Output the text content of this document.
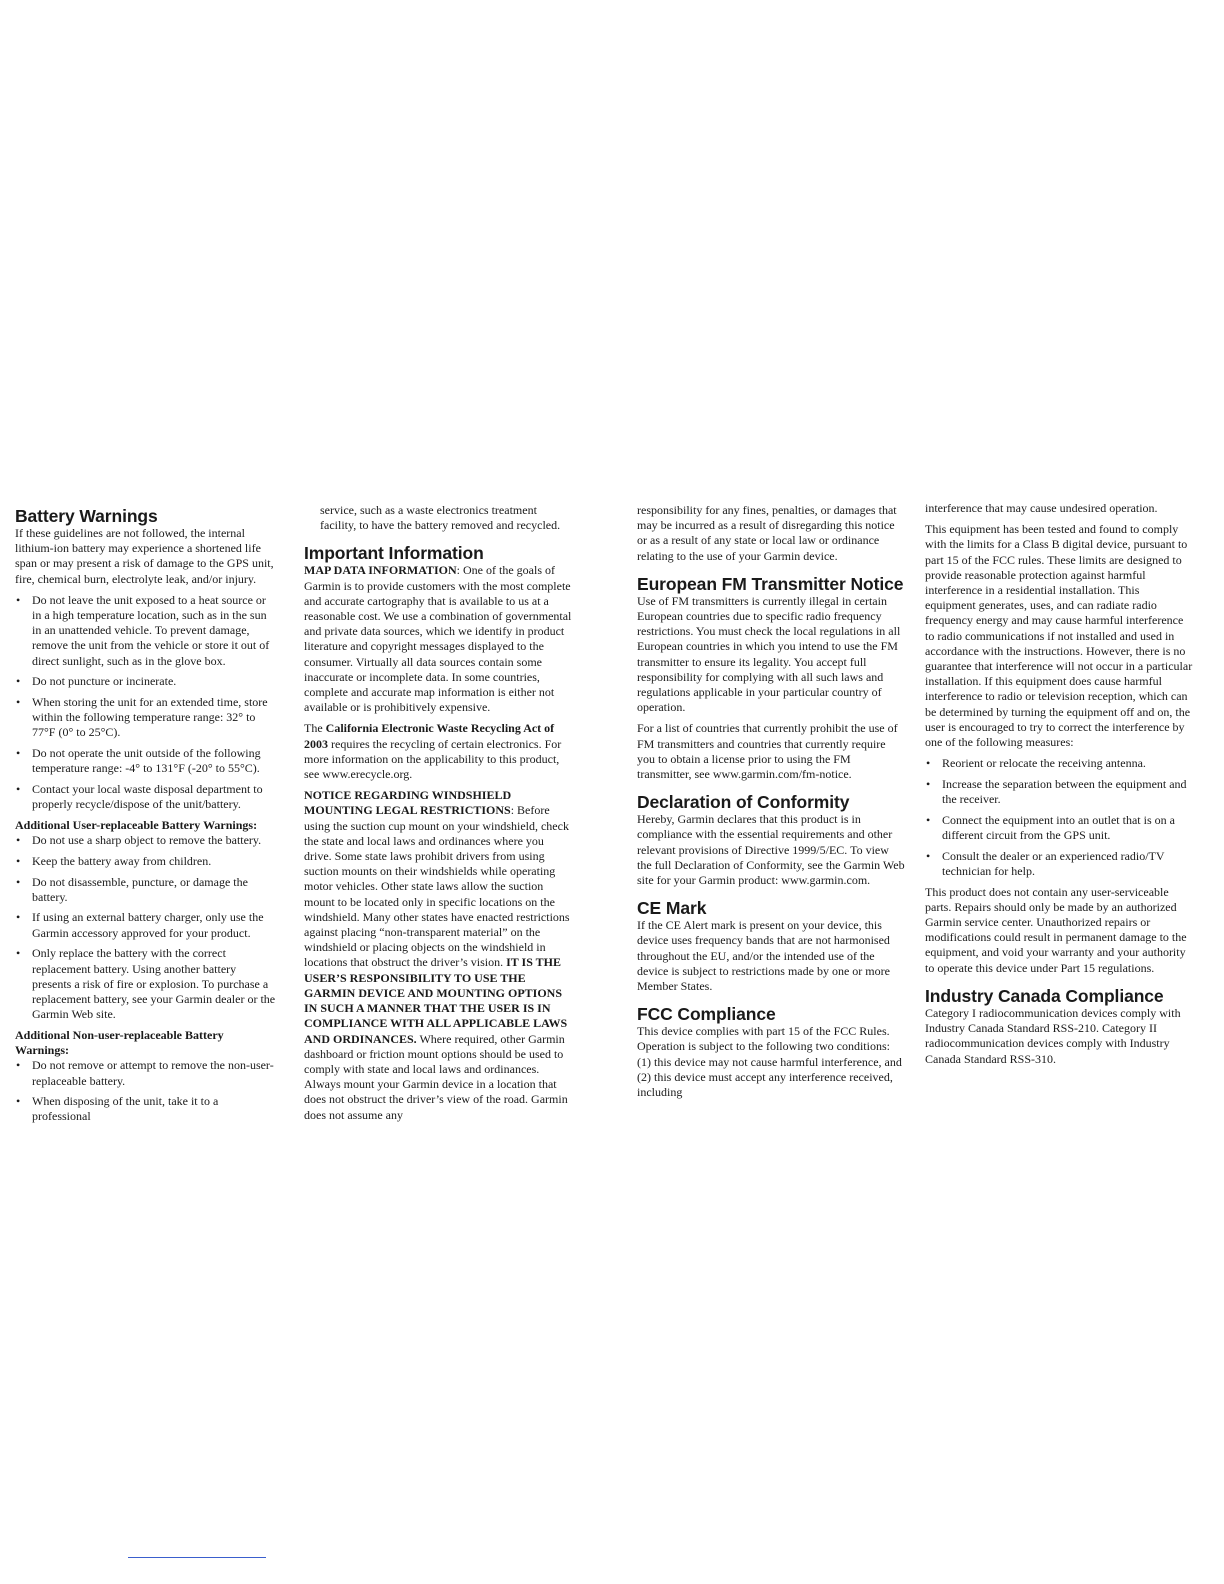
Battery Warnings

If these guidelines are not followed, the internal lithium-ion battery may experience a shortened life span or may present a risk of damage to the GPS unit, fire, chemical burn, electrolyte leak, and/or injury.

• Do not leave the unit exposed to a heat source or in a high temperature location, such as in the sun in an unattended vehicle. To prevent damage, remove the unit from the vehicle or store it out of direct sunlight, such as in the glove box.
• Do not puncture or incinerate.
• When storing the unit for an extended time, store within the following temperature range: 32° to 77°F (0° to 25°C).
• Do not operate the unit outside of the following temperature range: -4° to 131°F (-20° to 55°C).
• Contact your local waste disposal department to properly recycle/dispose of the unit/battery.

Additional User-replaceable Battery Warnings:

• Do not use a sharp object to remove the battery.
• Keep the battery away from children.
• Do not disassemble, puncture, or damage the battery.
• If using an external battery charger, only use the Garmin accessory approved for your product.
• Only replace the battery with the correct replacement battery. Using another battery presents a risk of fire or explosion. To purchase a replacement battery, see your Garmin dealer or the Garmin Web site.

Additional Non-user-replaceable Battery Warnings:

• Do not remove or attempt to remove the non-user-replaceable battery.
• When disposing of the unit, take it to a professional

service, such as a waste electronics treatment facility, to have the battery removed and recycled.

Important Information

MAP DATA INFORMATION: One of the goals of Garmin is to provide customers with the most complete and accurate cartography that is available to us at a reasonable cost. We use a combination of governmental and private data sources, which we identify in product literature and copyright messages displayed to the consumer. Virtually all data sources contain some inaccurate or incomplete data. In some countries, complete and accurate map information is either not available or is prohibitively expensive.

The California Electronic Waste Recycling Act of 2003 requires the recycling of certain electronics. For more information on the applicability to this product, see www.erecycle.org.

NOTICE REGARDING WINDSHIELD MOUNTING LEGAL RESTRICTIONS: Before using the suction cup mount on your windshield, check the state and local laws and ordinances where you drive. Some state laws prohibit drivers from using suction mounts on their windshields while operating motor vehicles. Other state laws allow the suction mount to be located only in specific locations on the windshield. Many other states have enacted restrictions against placing “non-transparent material” on the windshield or placing objects on the windshield in locations that obstruct the driver’s vision. IT IS THE USER’S RESPONSIBILITY TO USE THE GARMIN DEVICE AND MOUNTING OPTIONS IN SUCH A MANNER THAT THE USER IS IN COMPLIANCE WITH ALL APPLICABLE LAWS AND ORDINANCES. Where required, other Garmin dashboard or friction mount options should be used to comply with state and local laws and ordinances. Always mount your Garmin device in a location that does not obstruct the driver’s view of the road. Garmin does not assume any

responsibility for any fines, penalties, or damages that may be incurred as a result of disregarding this notice or as a result of any state or local law or ordinance relating to the use of your Garmin device.

European FM Transmitter Notice

Use of FM transmitters is currently illegal in certain European countries due to specific radio frequency restrictions. You must check the local regulations in all European countries in which you intend to use the FM transmitter to ensure its legality. You accept full responsibility for complying with all such laws and regulations applicable in your particular country of operation.

For a list of countries that currently prohibit the use of FM transmitters and countries that currently require you to obtain a license prior to using the FM transmitter, see www.garmin.com/fm-notice.

Declaration of Conformity

Hereby, Garmin declares that this product is in compliance with the essential requirements and other relevant provisions of Directive 1999/5/EC. To view the full Declaration of Conformity, see the Garmin Web site for your Garmin product: www.garmin.com.

CE Mark

If the CE Alert mark is present on your device, this device uses frequency bands that are not harmonised throughout the EU, and/or the intended use of the device is subject to restrictions made by one or more Member States.

FCC Compliance

This device complies with part 15 of the FCC Rules. Operation is subject to the following two conditions: (1) this device may not cause harmful interference, and (2) this device must accept any interference received, including

interference that may cause undesired operation.

This equipment has been tested and found to comply with the limits for a Class B digital device, pursuant to part 15 of the FCC rules. These limits are designed to provide reasonable protection against harmful interference in a residential installation. This equipment generates, uses, and can radiate radio frequency energy and may cause harmful interference to radio communications if not installed and used in accordance with the instructions. However, there is no guarantee that interference will not occur in a particular installation. If this equipment does cause harmful interference to radio or television reception, which can be determined by turning the equipment off and on, the user is encouraged to try to correct the interference by one of the following measures:

• Reorient or relocate the receiving antenna.
• Increase the separation between the equipment and the receiver.
• Connect the equipment into an outlet that is on a different circuit from the GPS unit.
• Consult the dealer or an experienced radio/TV technician for help.

This product does not contain any user-serviceable parts. Repairs should only be made by an authorized Garmin service center. Unauthorized repairs or modifications could result in permanent damage to the equipment, and void your warranty and your authority to operate this device under Part 15 regulations.

Industry Canada Compliance

Category I radiocommunication devices comply with Industry Canada Standard RSS-210. Category II radiocommunication devices comply with Industry Canada Standard RSS-310.
